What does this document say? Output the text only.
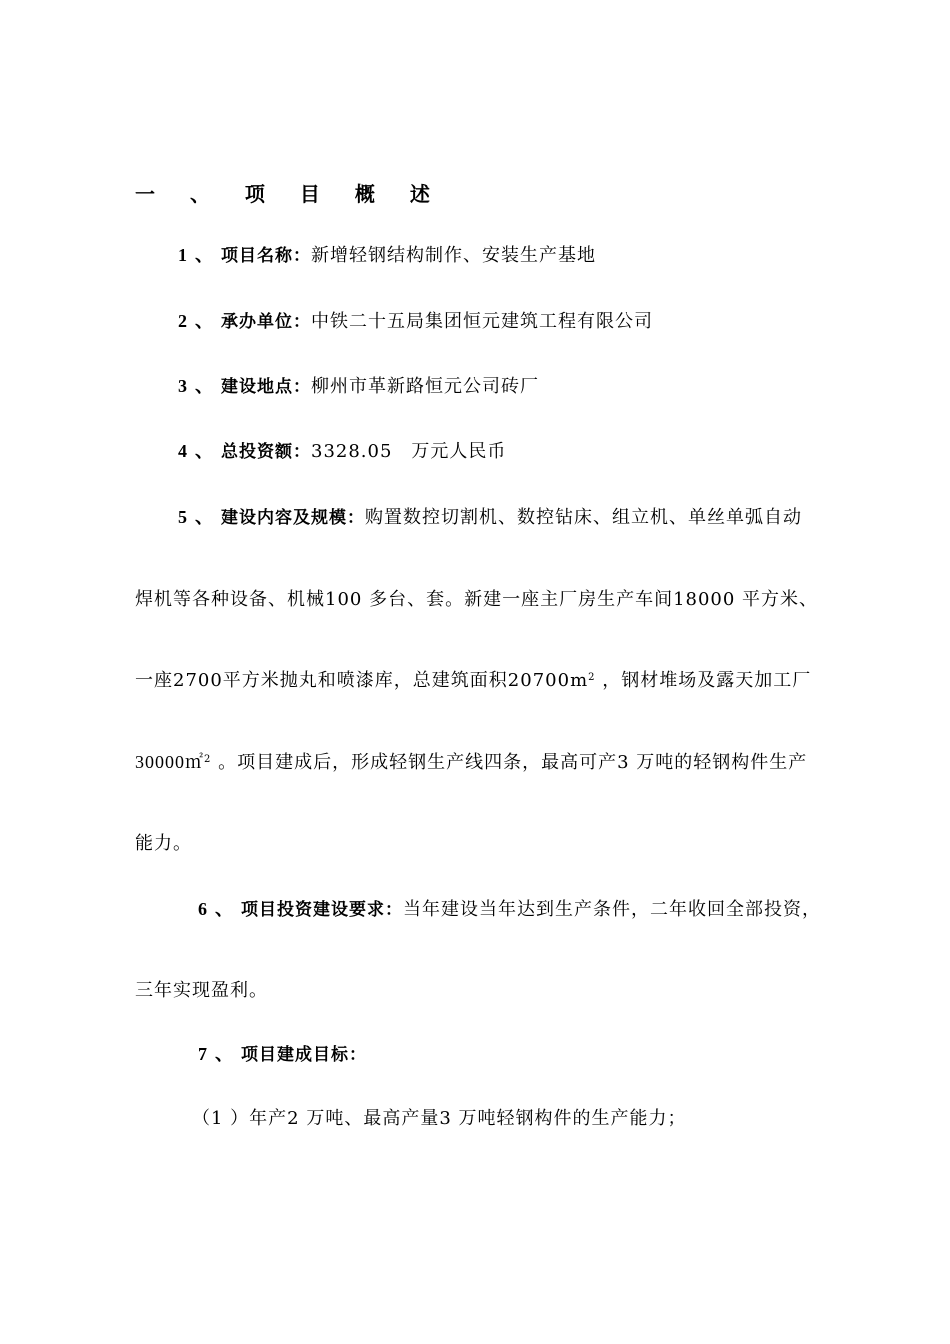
一 、 项 目 概 述
1 、 项目名称：新增轻钢结构制作、安装生产基地
2 、 承办单位：中铁二十五局集团恒元建筑工程有限公司
3 、 建设地点：柳州市革新路恒元公司砖厂
4 、 总投资额：3328.05　万元人民币
5 、 建设内容及规模：购置数控切割机、数控钻床、组立机、单丝单弧自动
焊机等各种设备、机械100 多台、套。新建一座主厂房生产车间18000 平方米、
一座2700平方米抛丸和喷漆库，总建筑面积$20700m^2$ ，钢材堆场及露天加工厂
30000㎡$^2$ 。项目建成后，形成轻钢生产线四条，最高可产3 万吨的轻钢构件生产
能力。
6 、 项目投资建设要求：当年建设当年达到生产条件，二年收回全部投资，
三年实现盈利。
7 、 项目建成目标：
（1 ）年产2 万吨、最高产量3 万吨轻钢构件的生产能力；
